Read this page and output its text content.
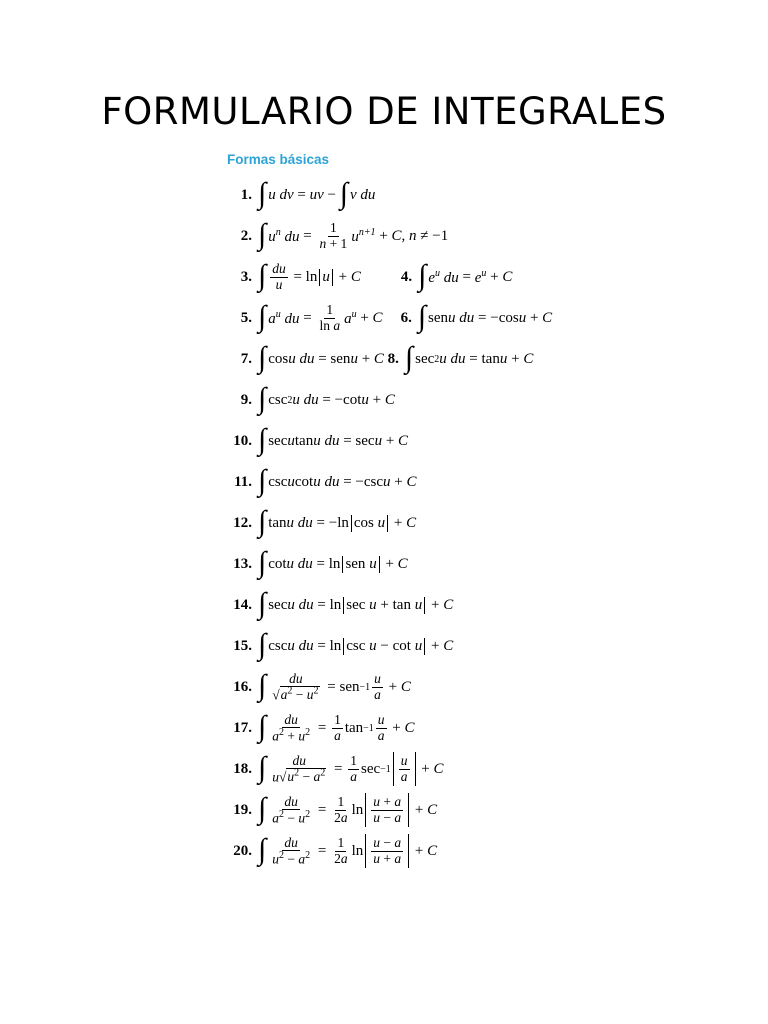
FORMULARIO DE INTEGRALES
Formas básicas
1. ∫ u dv = uv − ∫ v du
2. ∫ $u^n$ du = $\frac{1}{n + 1} u^{n+1} + C$ , n ≠ −1
3. ∫ $\frac{du}{u} = \ln u + C$	4. ∫ $e^u$ du = $e^u + C$
5. ∫ $a^u$ du = $\frac{1}{\text{ln a}} a^u + C$ 6. ∫ sen u du = −cos u + C
7. ∫ cos u du = sen u + C
8. ∫ sec 2 u du = tan u + C
9. ∫ csc 2 u du = −cot u + C
10. ∫ sec u tan u du = sec u + C
11. ∫ csc u cot u du = −csc u + C
12. ∫ tan u du = −ln cos u + C
13. ∫ cot u du = ln sen u + C
14. ∫ sec u du = ln sec u + tan u + C
15. ∫ csc u du = ln csc u − cot u + C
16. ∫ $\frac{du}{√a^2 - u^2}$ = sen $-1 \frac{u}{a} + C$
17. ∫ $\frac{du}{a^2 + u^2} = \frac{1}{a}$ $\tan -1 \frac{u}{a} + C$
18. ∫ $\frac{du}{u√u^2 - a^2} = \frac{1}{a}$ $\sec -1 \frac{u}{a} + C$
19. ∫ $\frac{du}{a^2 - u^2} = \frac{1}{2a}$ $\ln \frac{u + a}{u - a} + C$
20. ∫ $\frac{du}{u^2 - a^2} = \frac{1}{2a}$ $\ln \frac{u - a}{u + a} + C$
